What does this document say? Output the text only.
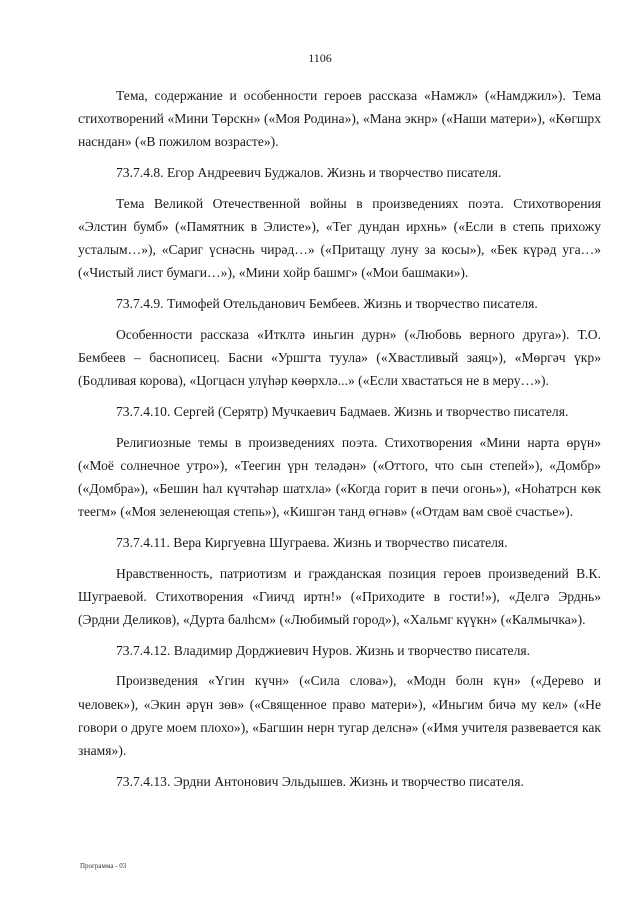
1106

Тема, содержание и особенности героев рассказа «Намжл» («Намджил»). Тема стихотворений «Мини Төрскн» («Моя Родина»), «Мана экнр» («Наши матери»), «Көгшрх насндан» («В пожилом возрасте»).

73.7.4.8. Егор Андреевич Буджалов. Жизнь и творчество писателя.

Тема Великой Отечественной войны в произведениях поэта. Стихотворения «Элстин бумб» («Памятник в Элисте»), «Тег дундан ирхнь» («Если в степь прихожу усталым…»), «Сариг үснәснь чирәд…» («Притащу луну за косы»), «Бек күрәд уга…» («Чистый лист бумаги…»), «Мини хойр башмг» («Мои башмаки»).

73.7.4.9. Тимофей Отельданович Бембеев. Жизнь и творчество писателя.

Особенности рассказа «Итклтә иньгин дурн» («Любовь верного друга»). Т.О. Бембеев – баснописец. Басни «Уршгта туула» («Хвастливый заяц»), «Мөргәч үкр» (Бодливая корова), «Цогцасн улүһәр көөрхлә...» («Если хвастаться не в меру…»).

73.7.4.10. Сергей (Серятр) Мучкаевич Бадмаев. Жизнь и творчество писателя.

Религиозные темы в произведениях поэта. Стихотворения «Мини нарта өрүн» («Моё солнечное утро»), «Теегин үрн теләдән» («Оттого, что сын степей»), «Домбр» («Домбра»), «Бешин һал күчтәһәр шатхла» («Когда горит в печи огонь»), «Ноһатрсн көк теегм» («Моя зеленеющая степь»), «Кишгән танд өгнәв» («Отдам вам своё счастье»).

73.7.4.11. Вера Киргуевна Шуграева. Жизнь и творчество писателя.

Нравственность, патриотизм и гражданская позиция героев произведений В.К. Шуграевой. Стихотворения «Гиичд иртн!» («Приходите в гости!»), «Делгә Эрднь» (Эрдни Деликов), «Дурта балһсм» («Любимый город»), «Хальмг күүкн» («Калмычка»).

73.7.4.12. Владимир Дорджиевич Нуров. Жизнь и творчество писателя.

Произведения «Үгин күчн» («Сила слова»), «Модн болн күн» («Дерево и человек»), «Экин әрүн зөв» («Священное право матери»), «Иньгим бичә му кел» («Не говори о друге моем плохо»), «Багшин нерн тугар делснә» («Имя учителя развевается как знамя»).

73.7.4.13. Эрдни Антонович Эльдышев. Жизнь и творчество писателя.

Программа - 03
